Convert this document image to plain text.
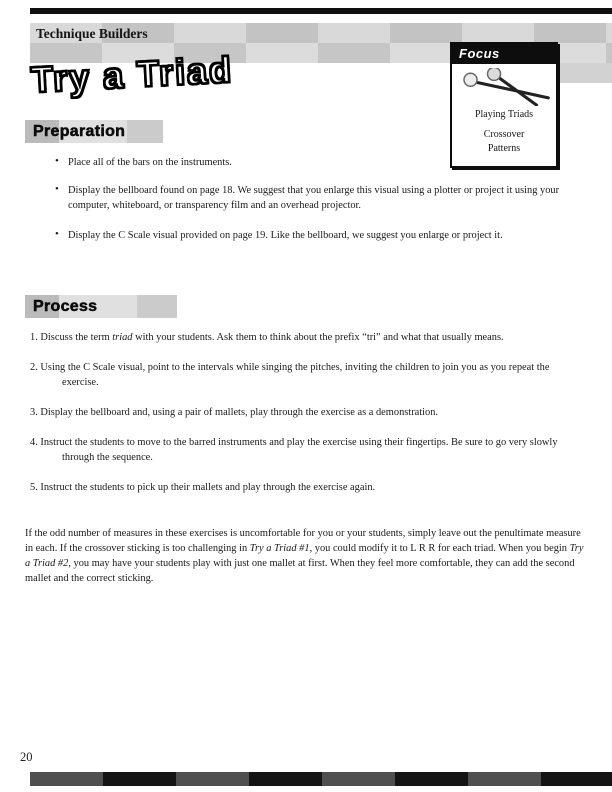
Technique Builders
Try a Triad	Focus
Playing Triads
Crossover
Patterns
Preparation
• Place all of the bars on the instruments.
• Display the bellboard found on page 18. We suggest that you enlarge this visual using a plotter or project it using your computer, whiteboard, or transparency film and an overhead projector.
• Display the C Scale visual provided on page 19. Like the bellboard, we suggest you enlarge or project it.
Process
1. Discuss the term triad with your students. Ask them to think about the prefix “tri” and what that usually means.
2. Using the C Scale visual, point to the intervals while singing the pitches, inviting the children to join you as you repeat the exercise.
3. Display the bellboard and, using a pair of mallets, play through the exercise as a demonstration.
4. Instruct the students to move to the barred instruments and play the exercise using their fingertips. Be sure to go very slowly through the sequence.
5. Instruct the students to pick up their mallets and play through the exercise again.

If the odd number of measures in these exercises is uncomfortable for you or your students, simply leave out the penultimate measure in each. If the crossover sticking is too challenging in Try a Triad #1, you could modify it to L R R for each triad. When you begin Try a Triad #2, you may have your students play with just one mallet at first. When they feel more comfortable, they can add the second mallet and the correct sticking.

20
